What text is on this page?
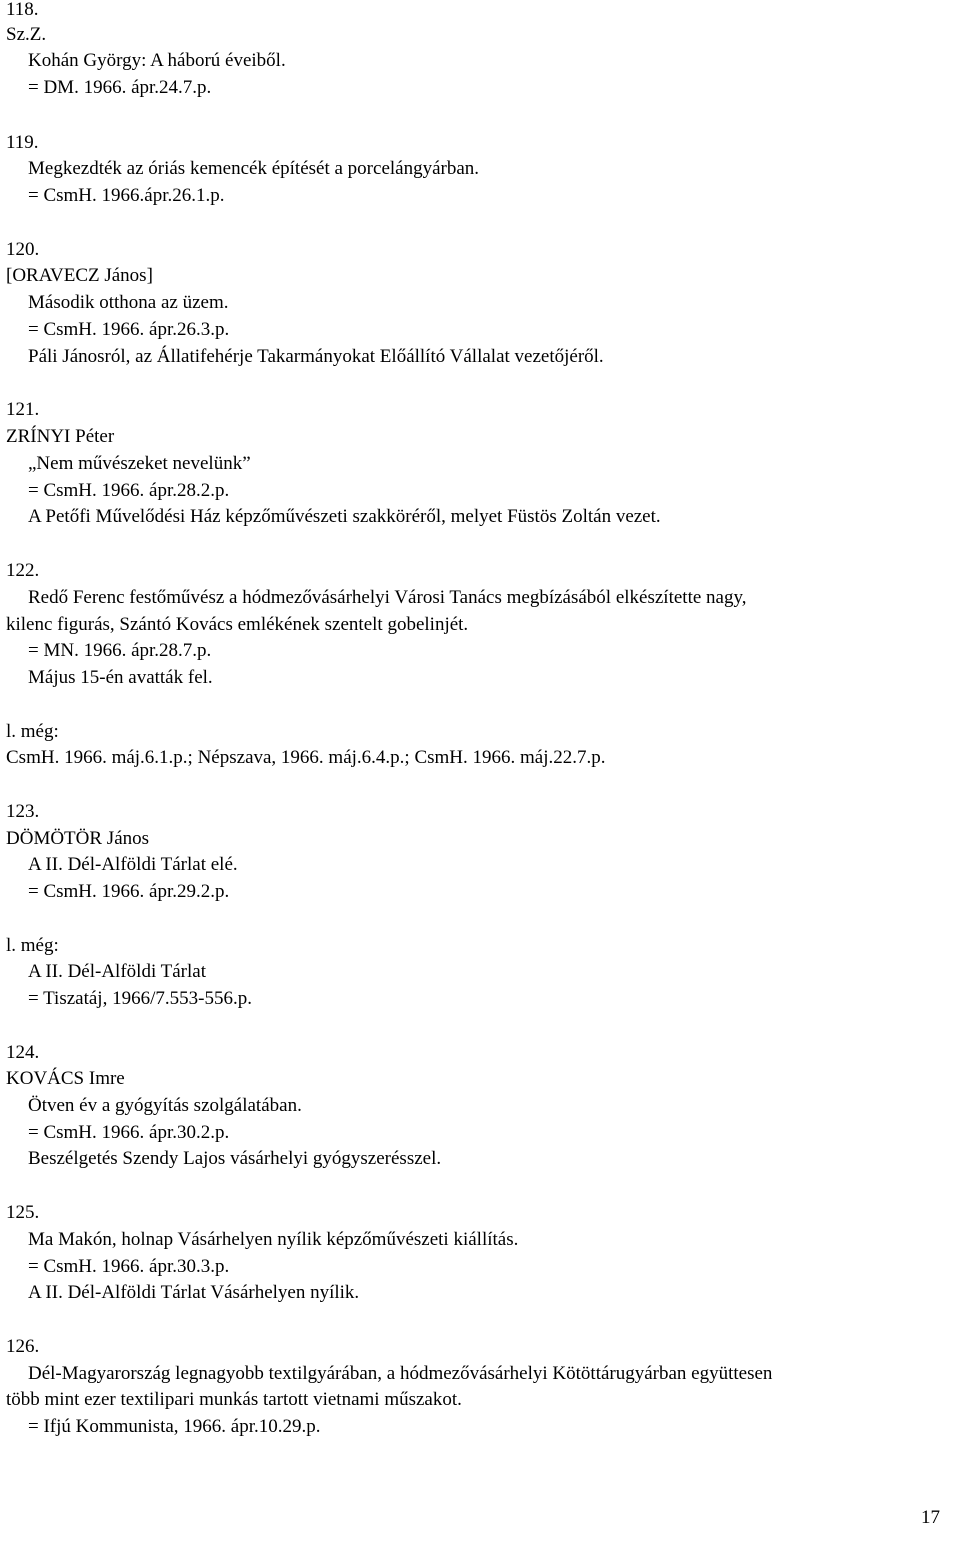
118.
Sz.Z.
Kohán György: A háború éveiből.
= DM. 1966. ápr.24.7.p.
119.
Megkezdték az óriás kemencék építését a porcelángyárban.
= CsmH. 1966.ápr.26.1.p.
120.
[ORAVECZ János]
Második otthona az üzem.
= CsmH. 1966. ápr.26.3.p.
Páli Jánosról, az Állatifehérje Takarmányokat Előállító Vállalat vezetőjéről.
121.
ZRÍNYI Péter
„Nem művészeket nevelünk”
= CsmH. 1966. ápr.28.2.p.
A Petőfi Művelődési Ház képzőművészeti szakköréről, melyet Füstös Zoltán vezet.
122.
Redő Ferenc festőművész a hódmezővásárhelyi Városi Tanács megbízásából elkészítette nagy,
kilenc figurás, Szántó Kovács emlékének szentelt gobelinjét.
= MN. 1966. ápr.28.7.p.
Május 15-én avatták fel.
l. még:
CsmH. 1966. máj.6.1.p.; Népszava, 1966. máj.6.4.p.; CsmH. 1966. máj.22.7.p.
123.
DÖMÖTÖR János
A II. Dél-Alföldi Tárlat elé.
= CsmH. 1966. ápr.29.2.p.
l. még:
A II. Dél-Alföldi Tárlat
= Tiszatáj, 1966/7.553-556.p.
124.
KOVÁCS Imre
Ötven év a gyógyítás szolgálatában.
= CsmH. 1966. ápr.30.2.p.
Beszélgetés Szendy Lajos vásárhelyi gyógyszerésszel.
125.
Ma Makón, holnap Vásárhelyen nyílik képzőművészeti kiállítás.
= CsmH. 1966. ápr.30.3.p.
A II. Dél-Alföldi Tárlat Vásárhelyen nyílik.
126.
Dél-Magyarország legnagyobb textilgyárában, a hódmezővásárhelyi Kötöttárugyárban együttesen
több mint ezer textilipari munkás tartott vietnami műszakot.
= Ifjú Kommunista, 1966. ápr.10.29.p.
17
